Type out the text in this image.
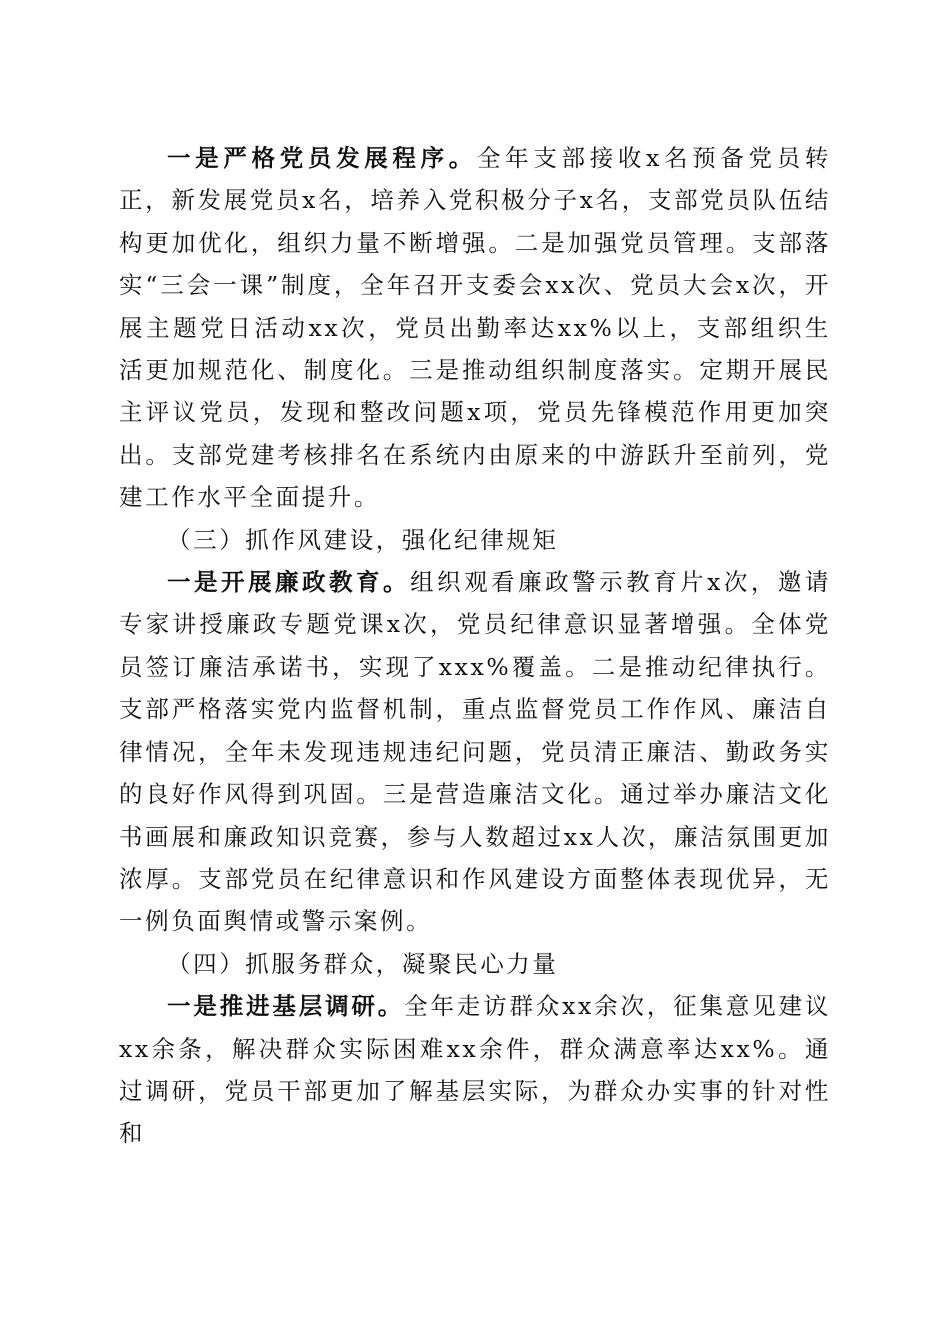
一是严格党员发展程序。全年支部接收x名预备党员转正，新发展党员x名，培养入党积极分子x名，支部党员队伍结构更加优化，组织力量不断增强。二是加强党员管理。支部落实“三会一课”制度，全年召开支委会xx次、党员大会x次，开展主题党日活动xx次，党员出勤率达xx%以上，支部组织生活更加规范化、制度化。三是推动组织制度落实。定期开展民主评议党员，发现和整改问题x项，党员先锋模范作用更加突出。支部党建考核排名在系统内由原来的中游跃升至前列，党建工作水平全面提升。

（三）抓作风建设，强化纪律规矩

一是开展廉政教育。组织观看廉政警示教育片x次，邀请专家讲授廉政专题党课x次，党员纪律意识显著增强。全体党员签订廉洁承诺书，实现了xxx%覆盖。二是推动纪律执行。支部严格落实党内监督机制，重点监督党员工作作风、廉洁自律情况，全年未发现违规违纪问题，党员清正廉洁、勤政务实的良好作风得到巩固。三是营造廉洁文化。通过举办廉洁文化书画展和廉政知识竞赛，参与人数超过xx人次，廉洁氛围更加浓厚。支部党员在纪律意识和作风建设方面整体表现优异，无一例负面舆情或警示案例。

（四）抓服务群众，凝聚民心力量

一是推进基层调研。全年走访群众xx余次，征集意见建议xx余条，解决群众实际困难xx余件，群众满意率达xx%。通过调研，党员干部更加了解基层实际，为群众办实事的针对性和
